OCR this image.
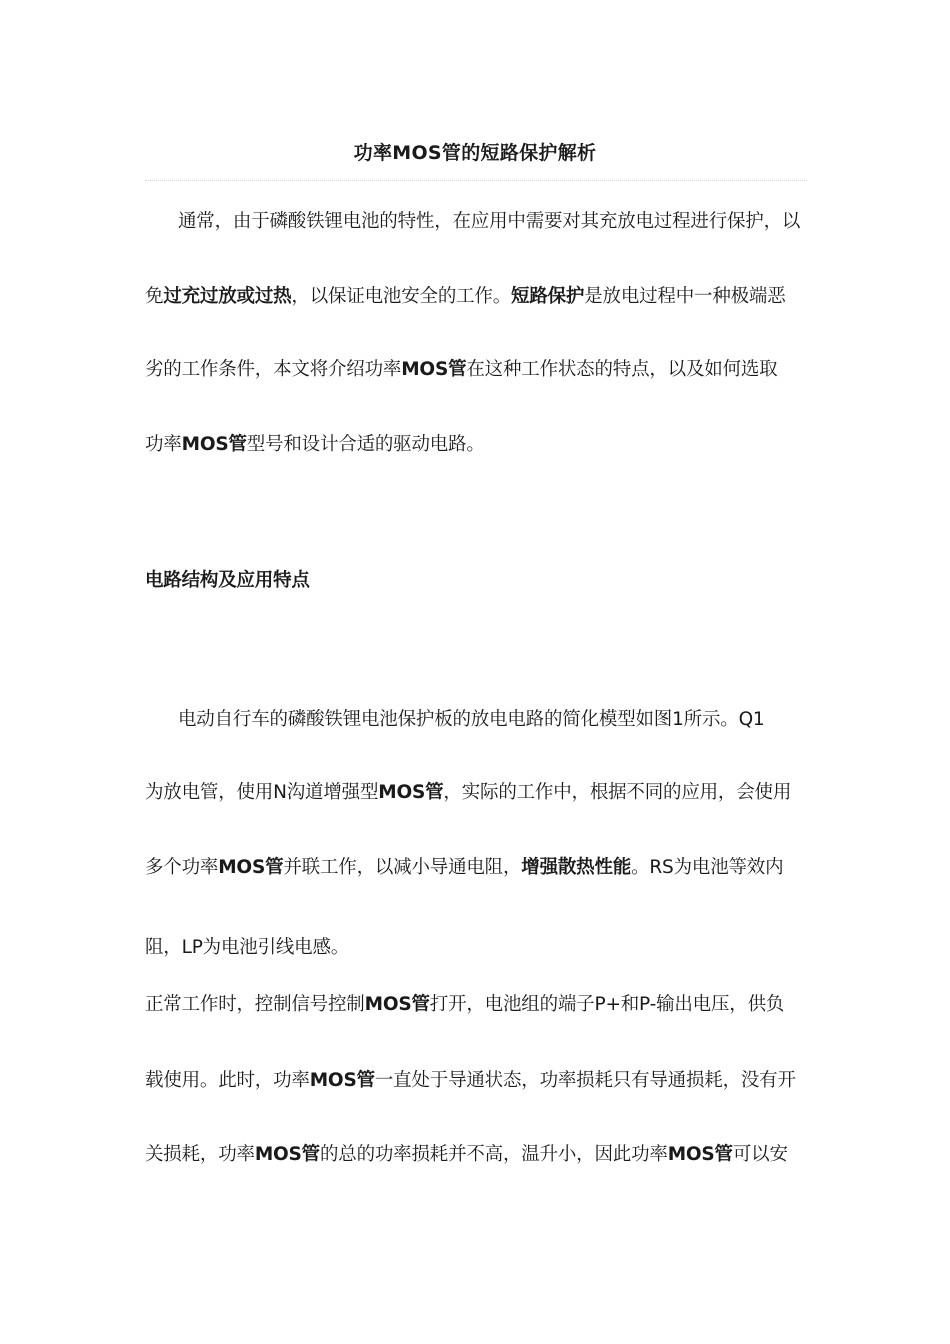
功率MOS管的短路保护解析
通常，由于磷酸铁锂电池的特性，在应用中需要对其充放电过程进行保护，以
免过充过放或过热，以保证电池安全的工作。短路保护是放电过程中一种极端恶
劣的工作条件，本文将介绍功率MOS管在这种工作状态的特点，以及如何选取
功率MOS管型号和设计合适的驱动电路。
电路结构及应用特点
电动自行车的磷酸铁锂电池保护板的放电电路的简化模型如图1所示。Q1
为放电管，使用N沟道增强型MOS管，实际的工作中，根据不同的应用，会使用
多个功率MOS管并联工作，以减小导通电阻，增强散热性能。RS为电池等效内
阻，LP为电池引线电感。
正常工作时，控制信号控制MOS管打开，电池组的端子P+和P-输出电压，供负
载使用。此时，功率MOS管一直处于导通状态，功率损耗只有导通损耗，没有开
关损耗，功率MOS管的总的功率损耗并不高，温升小，因此功率MOS管可以安
